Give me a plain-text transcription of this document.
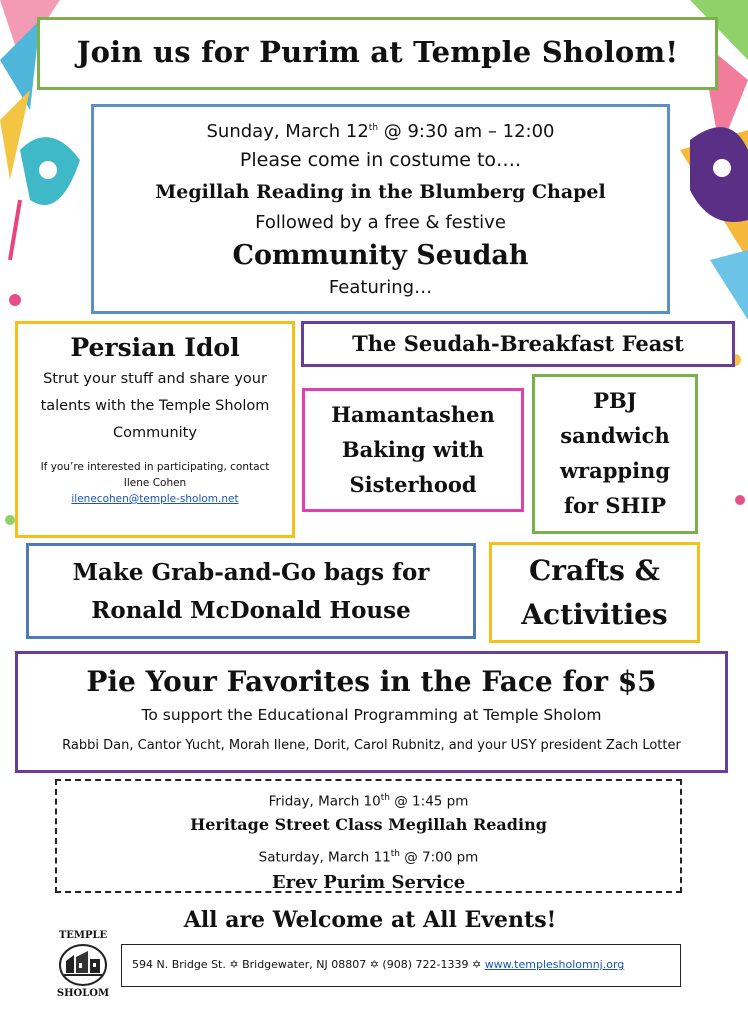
Join us for Purim at Temple Sholom!
Sunday, March 12th @ 9:30 am – 12:00
Please come in costume to….
Megillah Reading in the Blumberg Chapel
Followed by a free & festive
Community Seudah
Featuring…
Persian Idol
Strut your stuff and share your talents with the Temple Sholom Community
If you’re interested in participating, contact Ilene Cohen
ilenecohen@temple-sholom.net
The Seudah-Breakfast Feast
Hamantashen
Baking with
Sisterhood
PBJ
sandwich
wrapping
for SHIP
Make Grab-and-Go bags for
Ronald McDonald House
Crafts &
Activities
Pie Your Favorites in the Face for $5
To support the Educational Programming at Temple Sholom
Rabbi Dan, Cantor Yucht, Morah Ilene, Dorit, Carol Rubnitz, and your USY president Zach Lotter
Friday, March 10th @ 1:45 pm
Heritage Street Class Megillah Reading
Saturday, March 11th @ 7:00 pm
Erev Purim Service
All are Welcome at All Events!
TEMPLE
SHOLOM
594 N. Bridge St. ✡ Bridgewater, NJ 08807 ✡ (908) 722-1339 ✡ www.templesholomnj.org
